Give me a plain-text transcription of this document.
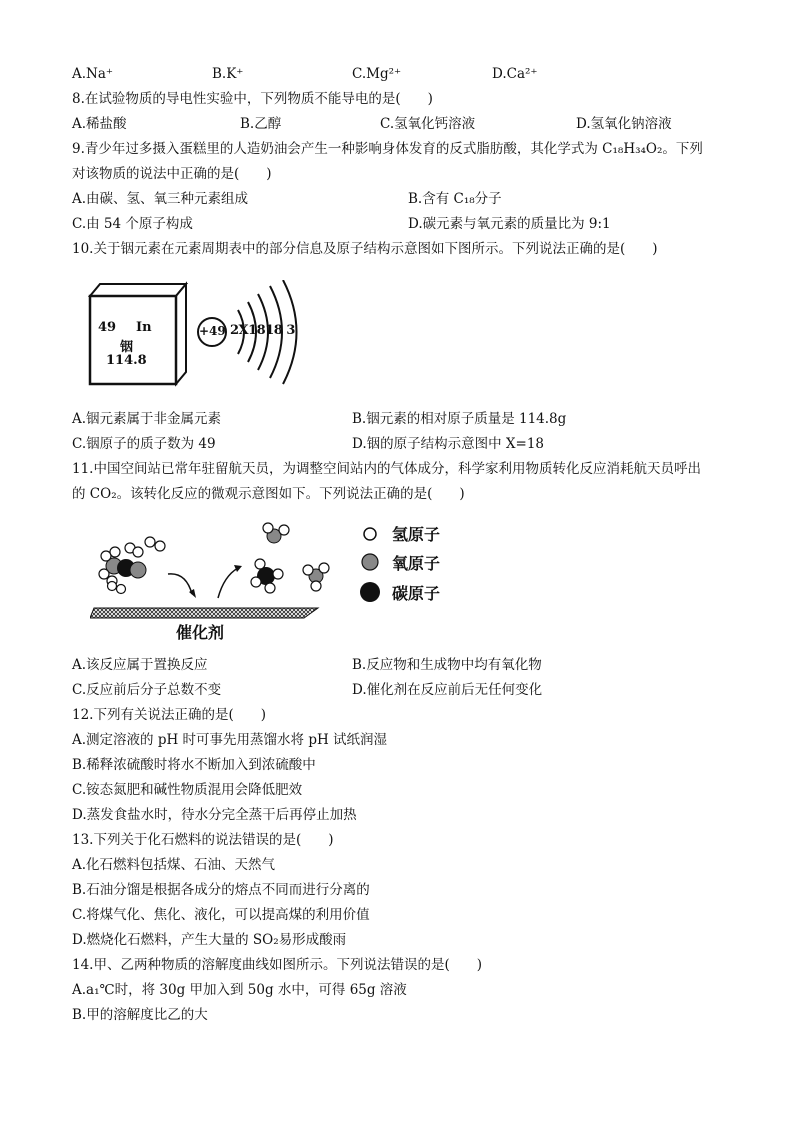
A.Na⁺	B.K⁺	C.Mg²⁺	D.Ca²⁺
8.在试验物质的导电性实验中，下列物质不能导电的是(　　)
A.稀盐酸	B.乙醇	C.氢氧化钙溶液	D.氢氧化钠溶液
9.青少年过多摄入蛋糕里的人造奶油会产生一种影响身体发育的反式脂肪酸，其化学式为 C₁₈H₃₄O₂。下列
对该物质的说法中正确的是(　　)
A.由碳、氢、氧三种元素组成	B.含有 C₁₈分子
C.由 54 个原子构成	D.碳元素与氧元素的质量比为 9:1
10.关于铟元素在元素周期表中的部分信息及原子结构示意图如下图所示。下列说法正确的是(　　)
49 In
铟
114.8
+49 2X1818 3
A.铟元素属于非金属元素	B.铟元素的相对原子质量是 114.8g
C.铟原子的质子数为 49	D.铟的原子结构示意图中 X=18
11.中国空间站已常年驻留航天员，为调整空间站内的气体成分，科学家利用物质转化反应消耗航天员呼出
的 CO₂。该转化反应的微观示意图如下。下列说法正确的是(　　)
催化剂
氢原子
氧原子
碳原子
A.该反应属于置换反应	B.反应物和生成物中均有氧化物
C.反应前后分子总数不变	D.催化剂在反应前后无任何变化
12.下列有关说法正确的是(　　)
A.测定溶液的 pH 时可事先用蒸馏水将 pH 试纸润湿
B.稀释浓硫酸时将水不断加入到浓硫酸中
C.铵态氮肥和碱性物质混用会降低肥效
D.蒸发食盐水时，待水分完全蒸干后再停止加热
13.下列关于化石燃料的说法错误的是(　　)
A.化石燃料包括煤、石油、天然气
B.石油分馏是根据各成分的熔点不同而进行分离的
C.将煤气化、焦化、液化，可以提高煤的利用价值
D.燃烧化石燃料，产生大量的 SO₂易形成酸雨
14.甲、乙两种物质的溶解度曲线如图所示。下列说法错误的是(　　)
A.a₁℃时，将 30g 甲加入到 50g 水中，可得 65g 溶液
B.甲的溶解度比乙的大
